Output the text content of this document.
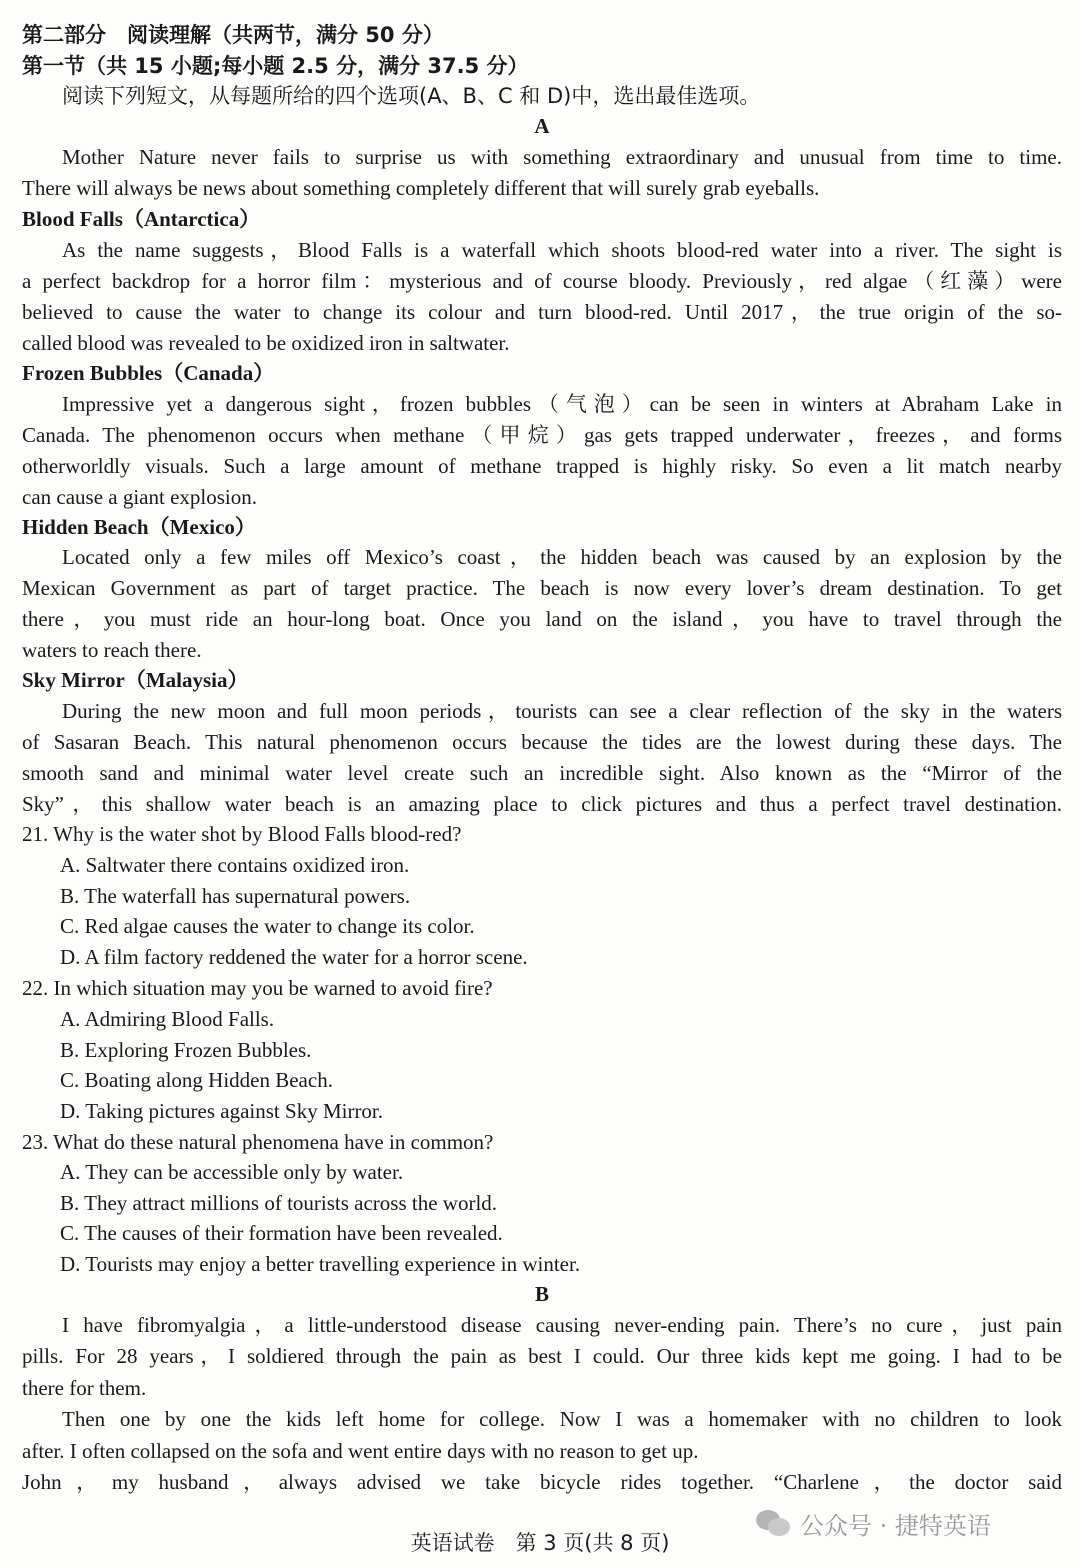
第二部分　阅读理解（共两节，满分 50 分）
第一节（共 15 小题;每小题 2.5 分，满分 37.5 分）
阅读下列短文，从每题所给的四个选项(A、B、C 和 D)中，选出最佳选项。
A
Mother Nature never fails to surprise us with something extraordinary and unusual from time to time.
There will always be news about something completely different that will surely grab eyeballs.
Blood Falls（Antarctica）
As the name suggests，Blood Falls is a waterfall which shoots blood-red water into a river. The sight is
a perfect backdrop for a horror film：mysterious and of course bloody. Previously，red algae（红藻）were
believed to cause the water to change its colour and turn blood-red. Until 2017，the true origin of the so-
called blood was revealed to be oxidized iron in saltwater.
Frozen Bubbles（Canada）
Impressive yet a dangerous sight，frozen bubbles（气泡）can be seen in winters at Abraham Lake in
Canada. The phenomenon occurs when methane（甲烷）gas gets trapped underwater，freezes，and forms
otherworldly visuals. Such a large amount of methane trapped is highly risky. So even a lit match nearby
can cause a giant explosion.
Hidden Beach（Mexico）
Located only a few miles off Mexico’s coast，the hidden beach was caused by an explosion by the
Mexican Government as part of target practice. The beach is now every lover’s dream destination. To get
there，you must ride an hour-long boat. Once you land on the island，you have to travel through the
waters to reach there.
Sky Mirror（Malaysia）
During the new moon and full moon periods，tourists can see a clear reflection of the sky in the waters
of Sasaran Beach. This natural phenomenon occurs because the tides are the lowest during these days. The
smooth sand and minimal water level create such an incredible sight. Also known as the “Mirror of the
Sky”，this shallow water beach is an amazing place to click pictures and thus a perfect travel destination.
21. Why is the water shot by Blood Falls blood-red?
A. Saltwater there contains oxidized iron.
B. The waterfall has supernatural powers.
C. Red algae causes the water to change its color.
D. A film factory reddened the water for a horror scene.
22. In which situation may you be warned to avoid fire?
A. Admiring Blood Falls.
B. Exploring Frozen Bubbles.
C. Boating along Hidden Beach.
D. Taking pictures against Sky Mirror.
23. What do these natural phenomena have in common?
A. They can be accessible only by water.
B. They attract millions of tourists across the world.
C. The causes of their formation have been revealed.
D. Tourists may enjoy a better travelling experience in winter.
B
I have fibromyalgia，a little-understood disease causing never-ending pain. There’s no cure，just pain
pills. For 28 years，I soldiered through the pain as best I could. Our three kids kept me going. I had to be
there for them.
Then one by one the kids left home for college. Now I was a homemaker with no children to look
after. I often collapsed on the sofa and went entire days with no reason to get up.
John，my husband，always advised we take bicycle rides together. “Charlene，the doctor said
公众号 · 捷特英语
英语试卷　第 3 页(共 8 页)
